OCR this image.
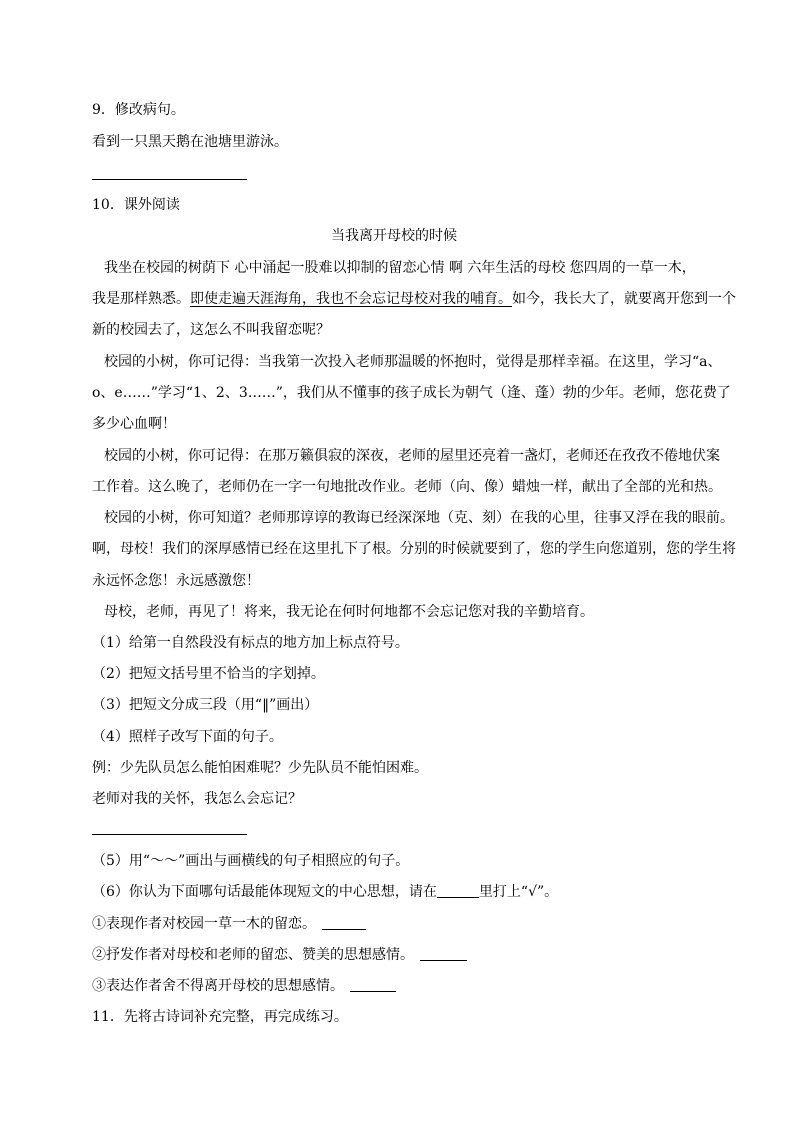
9．修改病句。
看到一只黑天鹅在池塘里游泳。
10．课外阅读
当我离开母校的时候
我坐在校园的树荫下 心中涌起一股难以抑制的留恋心情 啊 六年生活的母校 您四周的一草一木，
我是那样熟悉。即使走遍天涯海角，我也不会忘记母校对我的哺育。如今，我长大了，就要离开您到一个
新的校园去了，这怎么不叫我留恋呢？
校园的小树，你可记得：当我第一次投入老师那温暖的怀抱时，觉得是那样幸福。在这里，学习“a、
o、e……”学习“1、2、3……”，我们从不懂事的孩子成长为朝气（逢、蓬）勃的少年。老师，您花费了
多少心血啊！
校园的小树，你可记得：在那万籁俱寂的深夜，老师的屋里还亮着一盏灯，老师还在孜孜不倦地伏案
工作着。这么晚了，老师仍在一字一句地批改作业。老师（向、像）蜡烛一样，献出了全部的光和热。
校园的小树，你可知道？老师那谆谆的教诲已经深深地（克、刻）在我的心里，往事又浮在我的眼前。
啊，母校！我们的深厚感情已经在这里扎下了根。分别的时候就要到了，您的学生向您道别，您的学生将
永远怀念您！永远感激您！
母校，老师，再见了！将来，我无论在何时何地都不会忘记您对我的辛勤培育。
（1）给第一自然段没有标点的地方加上标点符号。
（2）把短文括号里不恰当的字划掉。
（3）把短文分成三段（用“‖”画出）
（4）照样子改写下面的句子。
例：少先队员怎么能怕困难呢？少先队员不能怕困难。
老师对我的关怀，我怎么会忘记？
（5）用“～～”画出与画横线的句子相照应的句子。
（6）你认为下面哪句话最能体现短文的中心思想，请在	里打上“√”。
①表现作者对校园一草一木的留恋。
②抒发作者对母校和老师的留恋、赞美的思想感情。
③表达作者舍不得离开母校的思想感情。
11．先将古诗词补充完整，再完成练习。
